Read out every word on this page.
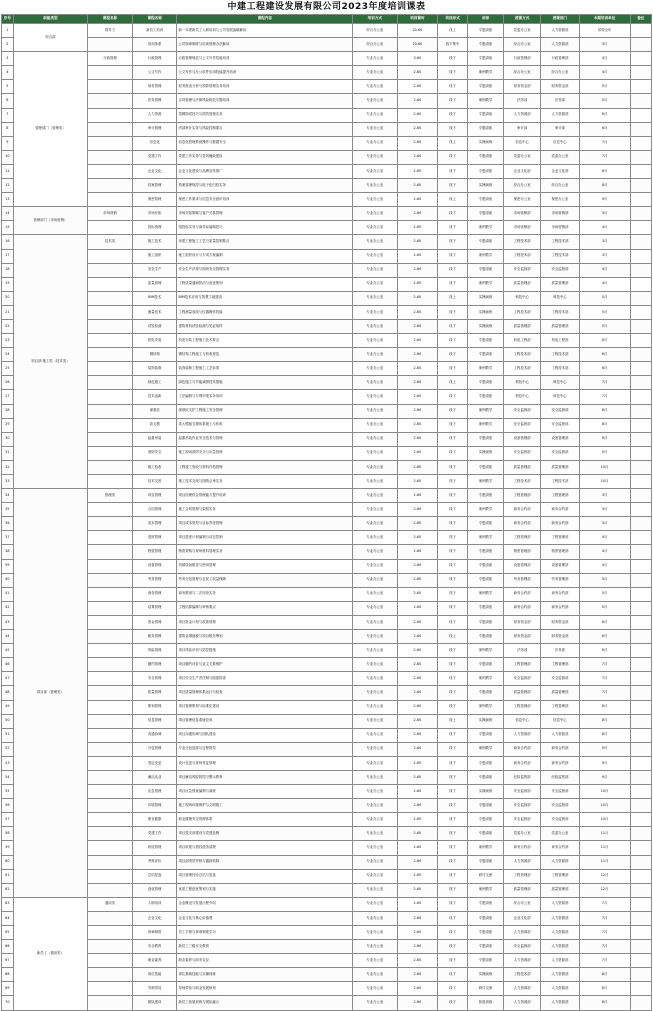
中建工程建设发展有限公司2023年度培训课表
序号	职能类型	课程名称	课程名称	课程内容	培训方式	培训课时	培训形式	讲师	授课方式	授课部门	本期培训单位	备注
1	综合部	领导力	新员工培训	新一年度新员工入职培训与公司发展战略解读	综合办公室	20-60	线上	专题讲座	党委办公室	人力资源部	常规全年	
2			培训体系	公司规章制度与培训管理办法解读	综合办公室	20-60	线下集中	专题讲座	综合办公室	人力资源部	3月	
3	管理部门（管理类）	行政管理	行政管理	行政管理规范与公文写作技能培训	专业办公室	3-60	线下	专题讲座	行政管理部	行政管理部	4月	
4			公文写作	公文写作与办公软件应用技能提升培训	专业办公室	2-60	线下	案例教学	综合办公室	综合办公室	4月	
5			财务管理	财务报表分析与预算管理实务培训	专业办公室	2-60	线下	专题讲座	财务资金部	财务资金部	5月	
6			法务管理	合同管理与法律风险防范专题培训	专业办公室	2-60	线下	案例教学	法务部	法务部	5月	
7			人力资源	招聘面试技巧与绩效管理实务	专业办公室	2-60	线下	专题讲座	人力资源部	人力资源部	6月	
8			审计管理	内部审计实务与风险控制要点	专业办公室	2-60	线下	专题讲座	审计部	审计部	6月	
9			信息化	信息化管理系统操作与数据安全	专业办公室	2-60	线上	实操演练	信息中心	信息中心	7月	
10			党建工作	党建工作实务与党风廉政建设	专业办公室	2-60	线下	专题讲座	党委办公室	党委办公室	7月	
11			企业文化	企业文化建设与品牌宣传推广	专业办公室	2-60	线下	专题讲座	企业文化部	企业文化部	8月	
12			档案管理	档案管理规范与电子化归档实务	专业办公室	2-60	线下	实操演练	综合办公室	综合办公室	8月	
13			保密管理	保密工作要求与信息安全意识培训	专业办公室	2-60	线上	专题讲座	保密办公室	保密办公室	9月	
14	营销部门（市场营销）	市场营销	市场开拓	市场开拓策略与客户关系管理	专业办公室	2-60	线下	专题讲座	市场营销部	市场营销部	3月	
15			投标管理	招投标实务与商务标编制技巧	专业办公室	2-60	线下	案例教学	市场营销部	市场营销部	4月	
16	项目部·施工类（技术类）	技术类	施工技术	房建工程施工工艺与质量控制要点	专业办公室	2-60	线下	专题讲座	工程技术部	工程技术部	3月	
17			施工组织	施工组织设计与专项方案编制	专业办公室	2-60	线下	案例教学	工程技术部	工程技术部	3月	
18			安全生产	安全生产法规与现场安全管理实务	专业办公室	2-60	线下	专题讲座	安全监督部	安全监督部	4月	
19			质量管理	工程质量通病防治与创优策划	专业办公室	2-60	线下	案例教学	质量管理部	质量管理部	4月	
20			BIM技术	BIM技术应用与智慧工地建设	专业办公室	2-60	线上	实操演练	科技中心	科技中心	5月	
21			测量技术	工程测量放线与仪器操作技能	专业办公室	2-60	线下	实操演练	工程技术部	工程技术部	5月	
22			试验检测	建筑材料试验检测与见证取样	专业办公室	2-60	线下	实操演练	质量管理部	质量管理部	5月	
23			机电安装	机电安装工程施工技术要点	专业办公室	2-60	线下	专题讲座	机电工程部	机电工程部	6月	
24			钢结构	钢结构工程施工与验收规范	专业办公室	2-60	线下	专题讲座	工程技术部	工程技术部	6月	
25			装饰装修	装饰装修工程施工工艺标准	专业办公室	2-60	线下	案例教学	工程技术部	工程技术部	6月	
26			绿色施工	绿色施工与节能减排技术措施	专业办公室	2-60	线上	专题讲座	科技中心	科技中心	7月	
27			技术创新	工法编制与专利申报实务培训	专业办公室	2-60	线下	专题讲座	科技中心	科技中心	7月	
28			深基坑	深基坑支护工程施工安全管理	专业办公室	2-60	线下	案例教学	安全监督部	安全监督部	8月	
29			高支模	高大模板支撑体系施工与验收	专业办公室	2-60	线下	案例教学	安全监督部	安全监督部	8月	
30			起重吊装	起重吊装作业安全技术与管理	专业办公室	2-60	线下	专题讲座	设备管理部	设备管理部	9月	
31			消防安全	施工现场消防安全与应急管理	专业办公室	2-60	线下	实操演练	安全监督部	安全监督部	9月	
32			竣工验收	工程竣工验收与资料归档管理	专业办公室	2-60	线下	专题讲座	质量管理部	质量管理部	10月	
33			技术交底	施工技术交底与图纸会审实务	专业办公室	2-60	线下	案例教学	工程技术部	工程技术部	10月	
34	项目部（管理类）	管理类	项目管理	项目经理综合管理能力提升培训	专业办公室	2-60	线下	专题讲座	工程管理部	工程管理部	3月	
35			合同管理	施工合同管理与索赔实务	专业办公室	2-60	线下	案例教学	商务合约部	商务合约部	3月	
36			成本管理	项目成本管控与目标责任管理	专业办公室	2-60	线下	专题讲座	商务合约部	商务合约部	3月	
37			进度管理	项目进度计划编制与动态控制	专业办公室	2-60	线下	案例教学	工程管理部	工程管理部	4月	
38			物资管理	物资采购与现场材料管理实务	专业办公室	2-60	线下	专题讲座	物资管理部	物资管理部	4月	
39			设备管理	机械设备租赁与使用管理	专业办公室	2-60	线下	专题讲座	设备管理部	设备管理部	4月	
40			劳务管理	劳务分包管理与农民工权益保障	专业办公室	2-60	线下	专题讲座	劳务管理部	劳务管理部	5月	
41			商务管理	商务策划与二次经营实务	专业办公室	2-60	线下	案例教学	商务合约部	商务合约部	5月	
42			结算管理	工程结算编制与审核要点	专业办公室	2-60	线下	专题讲座	商务合约部	商务合约部	5月	
43			资金管理	项目资金计划与收款管理	专业办公室	2-60	线下	专题讲座	财务资金部	财务资金部	6月	
44			税务管理	建筑业增值税与项目税务筹划	专业办公室	2-60	线上	专题讲座	财务资金部	财务资金部	6月	
45			风险管理	项目风险识别与防控措施	专业办公室	2-60	线下	案例教学	法务部	法务部	6月	
46			履约管理	项目履约评价与业主关系维护	专业办公室	2-60	线下	专题讲座	工程管理部	工程管理部	7月	
47			安全管理	项目安全生产责任制与隐患排查	专业办公室	2-60	线下	案例教学	安全监督部	安全监督部	7月	
48			质量管理	项目质量管理体系运行与检查	专业办公室	2-60	线下	专题讲座	质量管理部	质量管理部	7月	
49			策划管理	项目管理策划与标准化建设	专业办公室	2-60	线下	案例教学	工程管理部	工程管理部	8月	
50			信息管理	项目管理信息系统应用	专业办公室	2-60	线上	实操演练	信息中心	信息中心	8月	
51			沟通协调	项目沟通协调与团队建设	专业办公室	2-60	线下	专题讲座	人力资源部	人力资源部	8月	
52			分包管理	专业分包选择与过程管控	专业办公室	2-60	线下	案例教学	商务合约部	商务合约部	9月	
53			签证变更	设计变更与现场签证管理	专业办公室	2-60	线下	专题讲座	商务合约部	商务合约部	9月	
54			廉洁从业	项目廉洁风险防控与警示教育	专业办公室	2-60	线下	专题讲座	纪检监察部	纪检监察部	9月	
55			应急管理	项目应急预案编制与演练	专业办公室	2-60	线下	实操演练	安全监督部	安全监督部	10月	
56			环境管理	施工现场环境保护与文明施工	专业办公室	2-60	线下	专题讲座	安全监督部	安全监督部	10月	
57			职业健康	职业健康安全管理体系	专业办公室	2-60	线下	专题讲座	安全监督部	安全监督部	10月	
58			党建工作	项目党支部建设与党建品牌	专业办公室	2-60	线下	专题讲座	党委办公室	党委办公室	11月	
59			收尾管理	项目收尾与债权债务清理	专业办公室	2-60	线下	案例教学	商务合约部	商务合约部	11月	
60			考核评价	项目部绩效考核与激励机制	专业办公室	2-60	线下	专题讲座	人力资源部	人力资源部	11月	
61			总结复盘	项目管理经验总结与复盘	专业办公室	2-60	线下	研讨交流	工程管理部	工程管理部	12月	
62			创优管理	优质工程创优策划与实施	专业办公室	2-60	线下	案例教学	质量管理部	质量管理部	12月	
63	新员工（通用类）	通用类	入职培训	企业概况与发展历程介绍	专业办公室	2-60	线下	专题讲座	综合办公室	人力资源部	7月	
64			企业文化	企业文化与核心价值观	专业办公室	2-60	线下	专题讲座	企业文化部	人力资源部	7月	
65			规章制度	员工手册与规章制度学习	专业办公室	2-60	线下	专题讲座	人力资源部	人力资源部	7月	
66			安全教育	新员工三级安全教育	专业办公室	2-60	线下	专题讲座	安全监督部	人力资源部	7月	
67			职业素养	职业素养与商务礼仪	专业办公室	2-60	线下	专题讲座	人力资源部	人力资源部	7月	
68			岗位技能	岗位基础技能与实操训练	专业办公室	2-60	线下	实操演练	工程技术部	人力资源部	8月	
69			导师带徒	导师带徒与职业发展规划	专业办公室	2-60	线下	研讨交流	人力资源部	人力资源部	8月	
70			团队建设	新员工拓展训练与团队融合	专业办公室	2-60	线下	拓展训练	人力资源部	人力资源部	8月	
